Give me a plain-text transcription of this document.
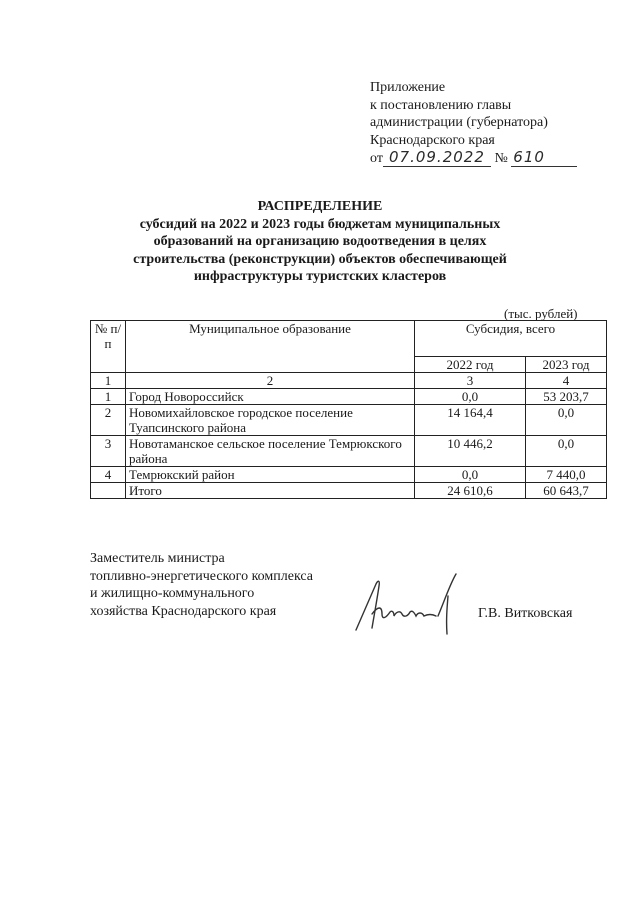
Приложение
к постановлению главы
администрации (губернатора)
Краснодарского края
от 07.09.2022 № 610
РАСПРЕДЕЛЕНИЕ
субсидий на 2022 и 2023 годы бюджетам муниципальных
образований на организацию водоотведения в целях
строительства (реконструкции) объектов обеспечивающей
инфраструктуры туристских кластеров
(тыс. рублей)
№ п/п	Муниципальное образование	Субсидия, всего	
		2022 год	2023 год
1	2	3	4
1	Город Новороссийск	0,0	53 203,7
2	Новомихайловское городское поселение Туапсинского района	14 164,4	0,0
3	Новотаманское сельское поселение Темрюкского района	10 446,2	0,0
4	Темрюкский район	0,0	7 440,0
	Итого	24 610,6	60 643,7
Заместитель министра
топливно-энергетического комплекса
и жилищно-коммунального
хозяйства Краснодарского края	Г.В. Витковская
